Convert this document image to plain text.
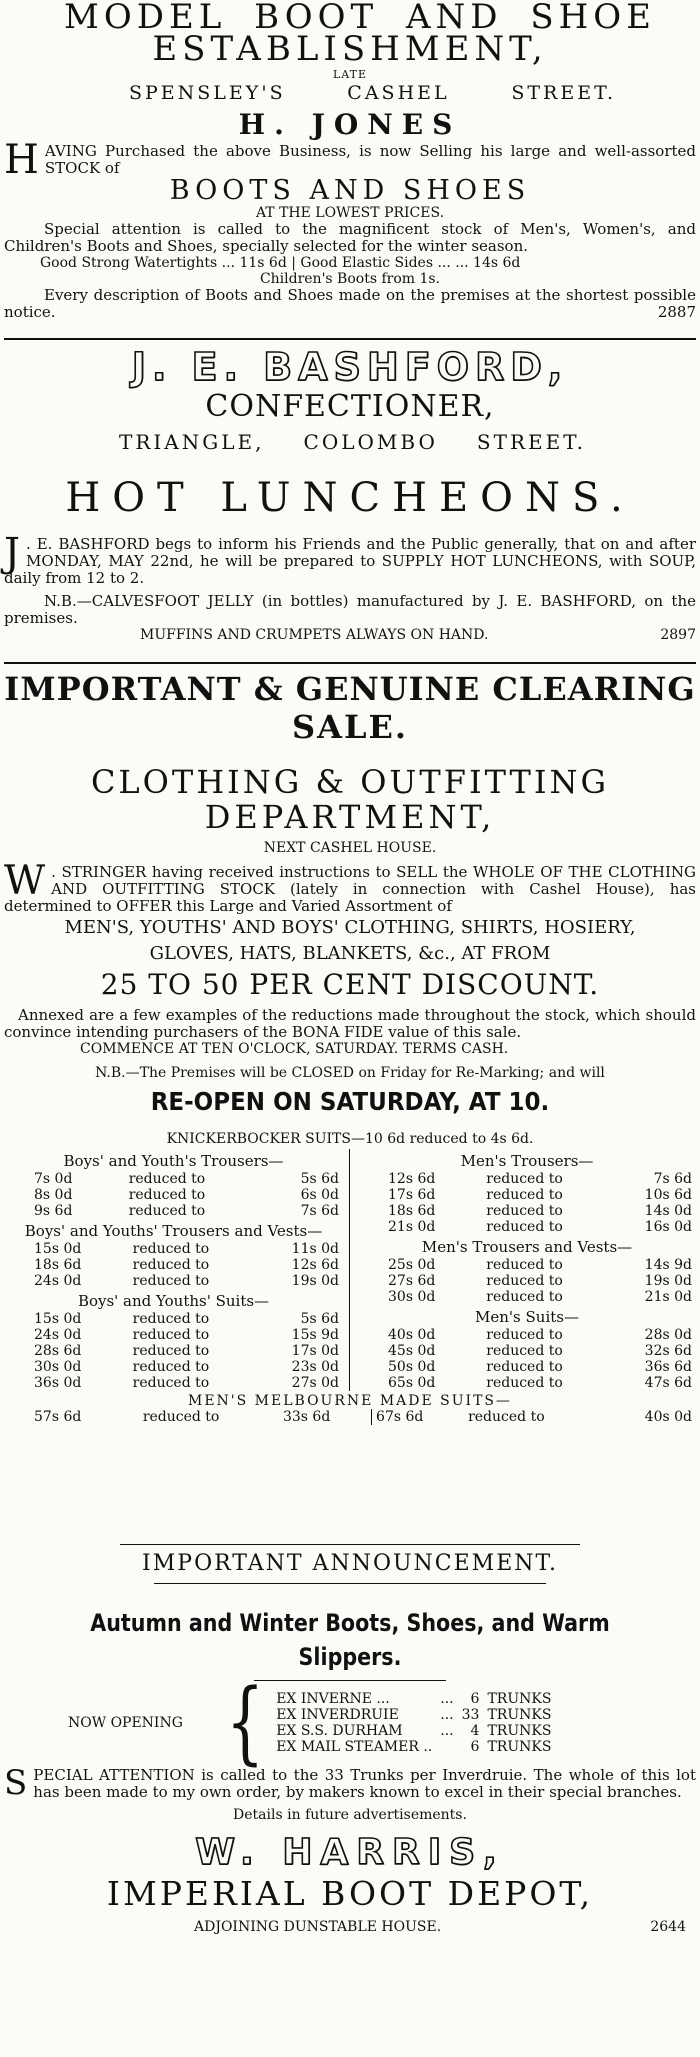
MODEL BOOT AND SHOE
ESTABLISHMENT,
LATE
SPENSLEY'S	CASHEL	STREET.
H. JONES
H AVING Purchased the above Business, is now Selling his large and well-assorted STOCK of
BOOTS AND SHOES
AT THE LOWEST PRICES.
Special attention is called to the magnificent stock of Men's, Women's, and Children's Boots and Shoes, specially selected for the winter season.
Good Strong Watertights ... 11s 6d | Good Elastic Sides ... ... 14s 6d
Children's Boots from 1s.
Every description of Boots and Shoes made on the premises at the shortest possible notice.	2887
J. E. BASHFORD,
CONFECTIONER,
TRIANGLE, COLOMBO STREET.
HOT LUNCHEONS.
J . E. BASHFORD begs to inform his Friends and the Public generally, that on and after MONDAY, MAY 22nd, he will be prepared to SUPPLY HOT LUNCHEONS, with SOUP, daily from 12 to 2.
N.B.—CALVESFOOT JELLY (in bottles) manufactured by J. E. BASHFORD, on the premises.
MUFFINS AND CRUMPETS ALWAYS ON HAND.	2897
IMPORTANT & GENUINE CLEARING
SALE.
CLOTHING & OUTFITTING
DEPARTMENT,
NEXT CASHEL HOUSE.
W . STRINGER having received instructions to SELL the WHOLE OF THE CLOTHING AND OUTFITTING STOCK (lately in connection with Cashel House), has determined to OFFER this Large and Varied Assortment of
MEN'S, YOUTHS' AND BOYS' CLOTHING, SHIRTS, HOSIERY,
GLOVES, HATS, BLANKETS, &c., AT FROM
25 TO 50 PER CENT DISCOUNT.
Annexed are a few examples of the reductions made throughout the stock, which should convince intending purchasers of the BONA FIDE value of this sale.
COMMENCE AT TEN O'CLOCK, SATURDAY. TERMS CASH.
N.B.—The Premises will be CLOSED on Friday for Re-Marking; and will
RE-OPEN ON SATURDAY, AT 10.
KNICKERBOCKER SUITS—10 6d reduced to 4s 6d.
Boys' and Youth's Trousers—
7s 0d	reduced to	5s 6d
8s 0d	reduced to	6s 0d
9s 6d	reduced to	7s 6d
Boys' and Youths' Trousers and Vests—
15s 0d	reduced to	11s 0d
18s 6d	reduced to	12s 6d
24s 0d	reduced to	19s 0d
Boys' and Youths' Suits—
15s 0d	reduced to	5s 6d
24s 0d	reduced to	15s 9d
28s 6d	reduced to	17s 0d
30s 0d	reduced to	23s 0d
36s 0d	reduced to	27s 0d
Men's Trousers—
12s 6d	reduced to	7s 6d
17s 6d	reduced to	10s 6d
18s 6d	reduced to	14s 0d
21s 0d	reduced to	16s 0d
Men's Trousers and Vests—
25s 0d	reduced to	14s 9d
27s 6d	reduced to	19s 0d
30s 0d	reduced to	21s 0d
Men's Suits—
40s 0d	reduced to	28s 0d
45s 0d	reduced to	32s 6d
50s 0d	reduced to	36s 6d
65s 0d	reduced to	47s 6d
MEN'S MELBOURNE MADE SUITS—
57s 6d	reduced to	33s 6d	67s 6d	reduced to	40s 0d
IMPORTANT ANNOUNCEMENT.
Autumn and Winter Boots, Shoes, and Warm
Slippers.
NOW OPENING { EX INVERNE ...	...	6	TRUNKS
EX INVERDRUIE	...	33	TRUNKS
EX S.S. DURHAM	...	4	TRUNKS
EX MAIL STEAMER ..		6	TRUNKS
S PECIAL ATTENTION is called to the 33 Trunks per Inverdruie. The whole of this lot has been made to my own order, by makers known to excel in their special branches.
Details in future advertisements.
W. HARRIS,
IMPERIAL BOOT DEPOT,
ADJOINING DUNSTABLE HOUSE.	2644
